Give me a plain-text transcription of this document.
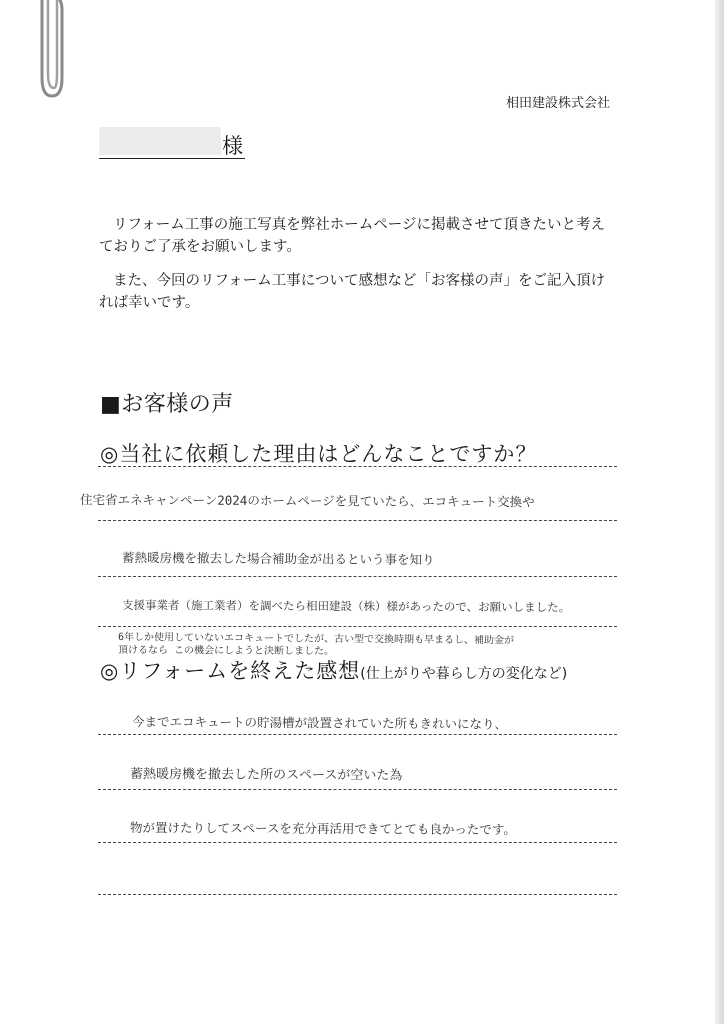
相田建設株式会社
様
リフォーム工事の施工写真を弊社ホームページに掲載させて頂きたいと考えておりご了承をお願いします。
また、今回のリフォーム工事について感想など「お客様の声」をご記入頂ければ幸いです。
■お客様の声
◎当社に依頼した理由はどんなことですか？
住宅省エネキャンペーン2024のホームページを見ていたら、エコキュート交換や
蓄熱暖房機を撤去した場合補助金が出るという事を知り
支援事業者（施工業者）を調べたら相田建設（株）様があったので、お願いしました。
6年しか使用していないエコキュートでしたが、古い型で交換時期も早まるし、補助金が
頂けるなら この機会にしようと決断しました。
◎リフォームを終えた感想(仕上がりや暮らし方の変化など)
今までエコキュートの貯湯槽が設置されていた所もきれいになり、
蓄熱暖房機を撤去した所のスペースが空いた為
物が置けたりしてスペースを充分再活用できてとても良かったです。
